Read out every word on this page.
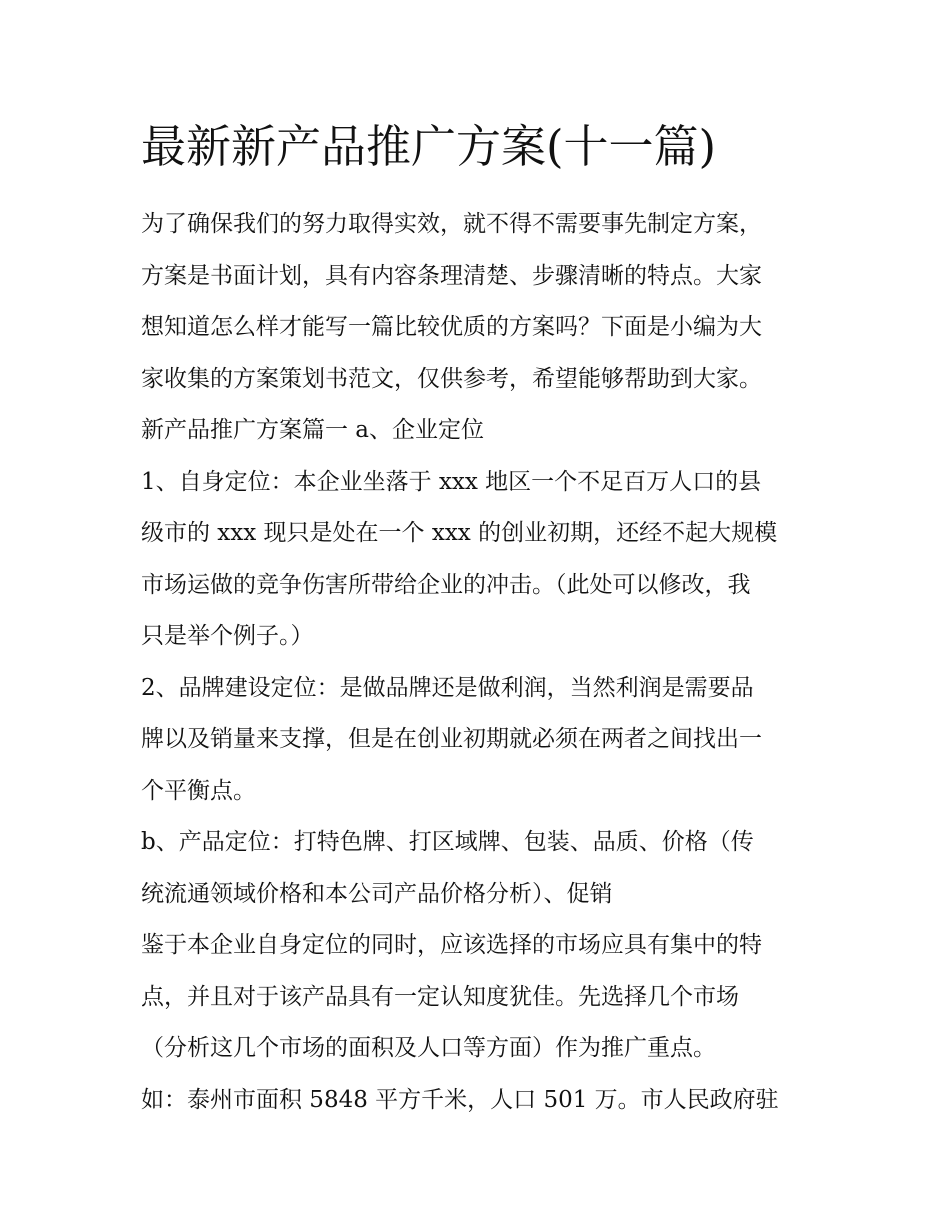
最新新产品推广方案(十一篇)
为了确保我们的努力取得实效，就不得不需要事先制定方案，
方案是书面计划，具有内容条理清楚、步骤清晰的特点。大家
想知道怎么样才能写一篇比较优质的方案吗？下面是小编为大
家收集的方案策划书范文，仅供参考，希望能够帮助到大家。
新产品推广方案篇一 a、企业定位
1、自身定位：本企业坐落于 xxx 地区一个不足百万人口的县
级市的 xxx 现只是处在一个 xxx 的创业初期，还经不起大规模
市场运做的竞争伤害所带给企业的冲击。（此处可以修改，我
只是举个例子。）
2、品牌建设定位：是做品牌还是做利润，当然利润是需要品
牌以及销量来支撑，但是在创业初期就必须在两者之间找出一
个平衡点。
b、产品定位：打特色牌、打区域牌、包装、品质、价格（传
统流通领域价格和本公司产品价格分析）、促销
鉴于本企业自身定位的同时，应该选择的市场应具有集中的特
点，并且对于该产品具有一定认知度犹佳。先选择几个市场
（分析这几个市场的面积及人口等方面）作为推广重点。
如：泰州市面积 5848 平方千米，人口 501 万。市人民政府驻
